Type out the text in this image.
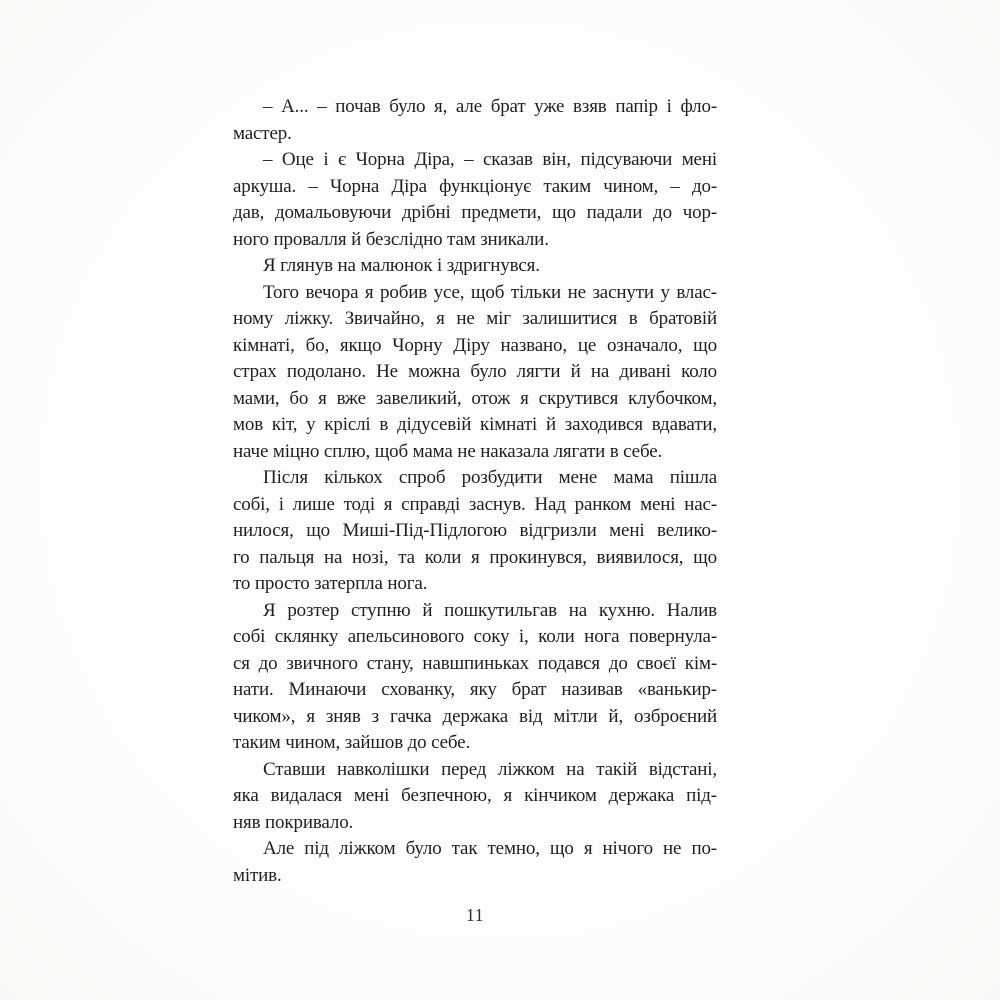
– А... – почав було я, але брат уже взяв папір і фло-
мастер.
– Оце і є Чорна Діра, – сказав він, підсуваючи мені
аркуша. – Чорна Діра функціонує таким чином, – до-
дав, домальовуючи дрібні предмети, що падали до чор-
ного провалля й безслідно там зникали.
Я глянув на малюнок і здригнувся.
Того вечора я робив усе, щоб тільки не заснути у влас-
ному ліжку. Звичайно, я не міг залишитися в братовій
кімнаті, бо, якщо Чорну Діру названо, це означало, що
страх подолано. Не можна було лягти й на дивані коло
мами, бо я вже завеликий, отож я скрутився клубочком,
мов кіт, у кріслі в дідусевій кімнаті й заходився вдавати,
наче міцно сплю, щоб мама не наказала лягати в себе.
Після кількох спроб розбудити мене мама пішла
собі, і лише тоді я справді заснув. Над ранком мені нас-
нилося, що Миші-Під-Підлогою відгризли мені велико-
го пальця на нозі, та коли я прокинувся, виявилося, що
то просто затерпла нога.
Я розтер ступню й пошкутильгав на кухню. Налив
собі склянку апельсинового соку і, коли нога повернула-
ся до звичного стану, навшпиньках подався до своєї кім-
нати. Минаючи схованку, яку брат називав «ванькир-
чиком», я зняв з гачка держака від мітли й, озброєний
таким чином, зайшов до себе.
Ставши навколішки перед ліжком на такій відстані,
яка видалася мені безпечною, я кінчиком держака під-
няв покривало.
Але під ліжком було так темно, що я нічого не по-
мітив.
11
